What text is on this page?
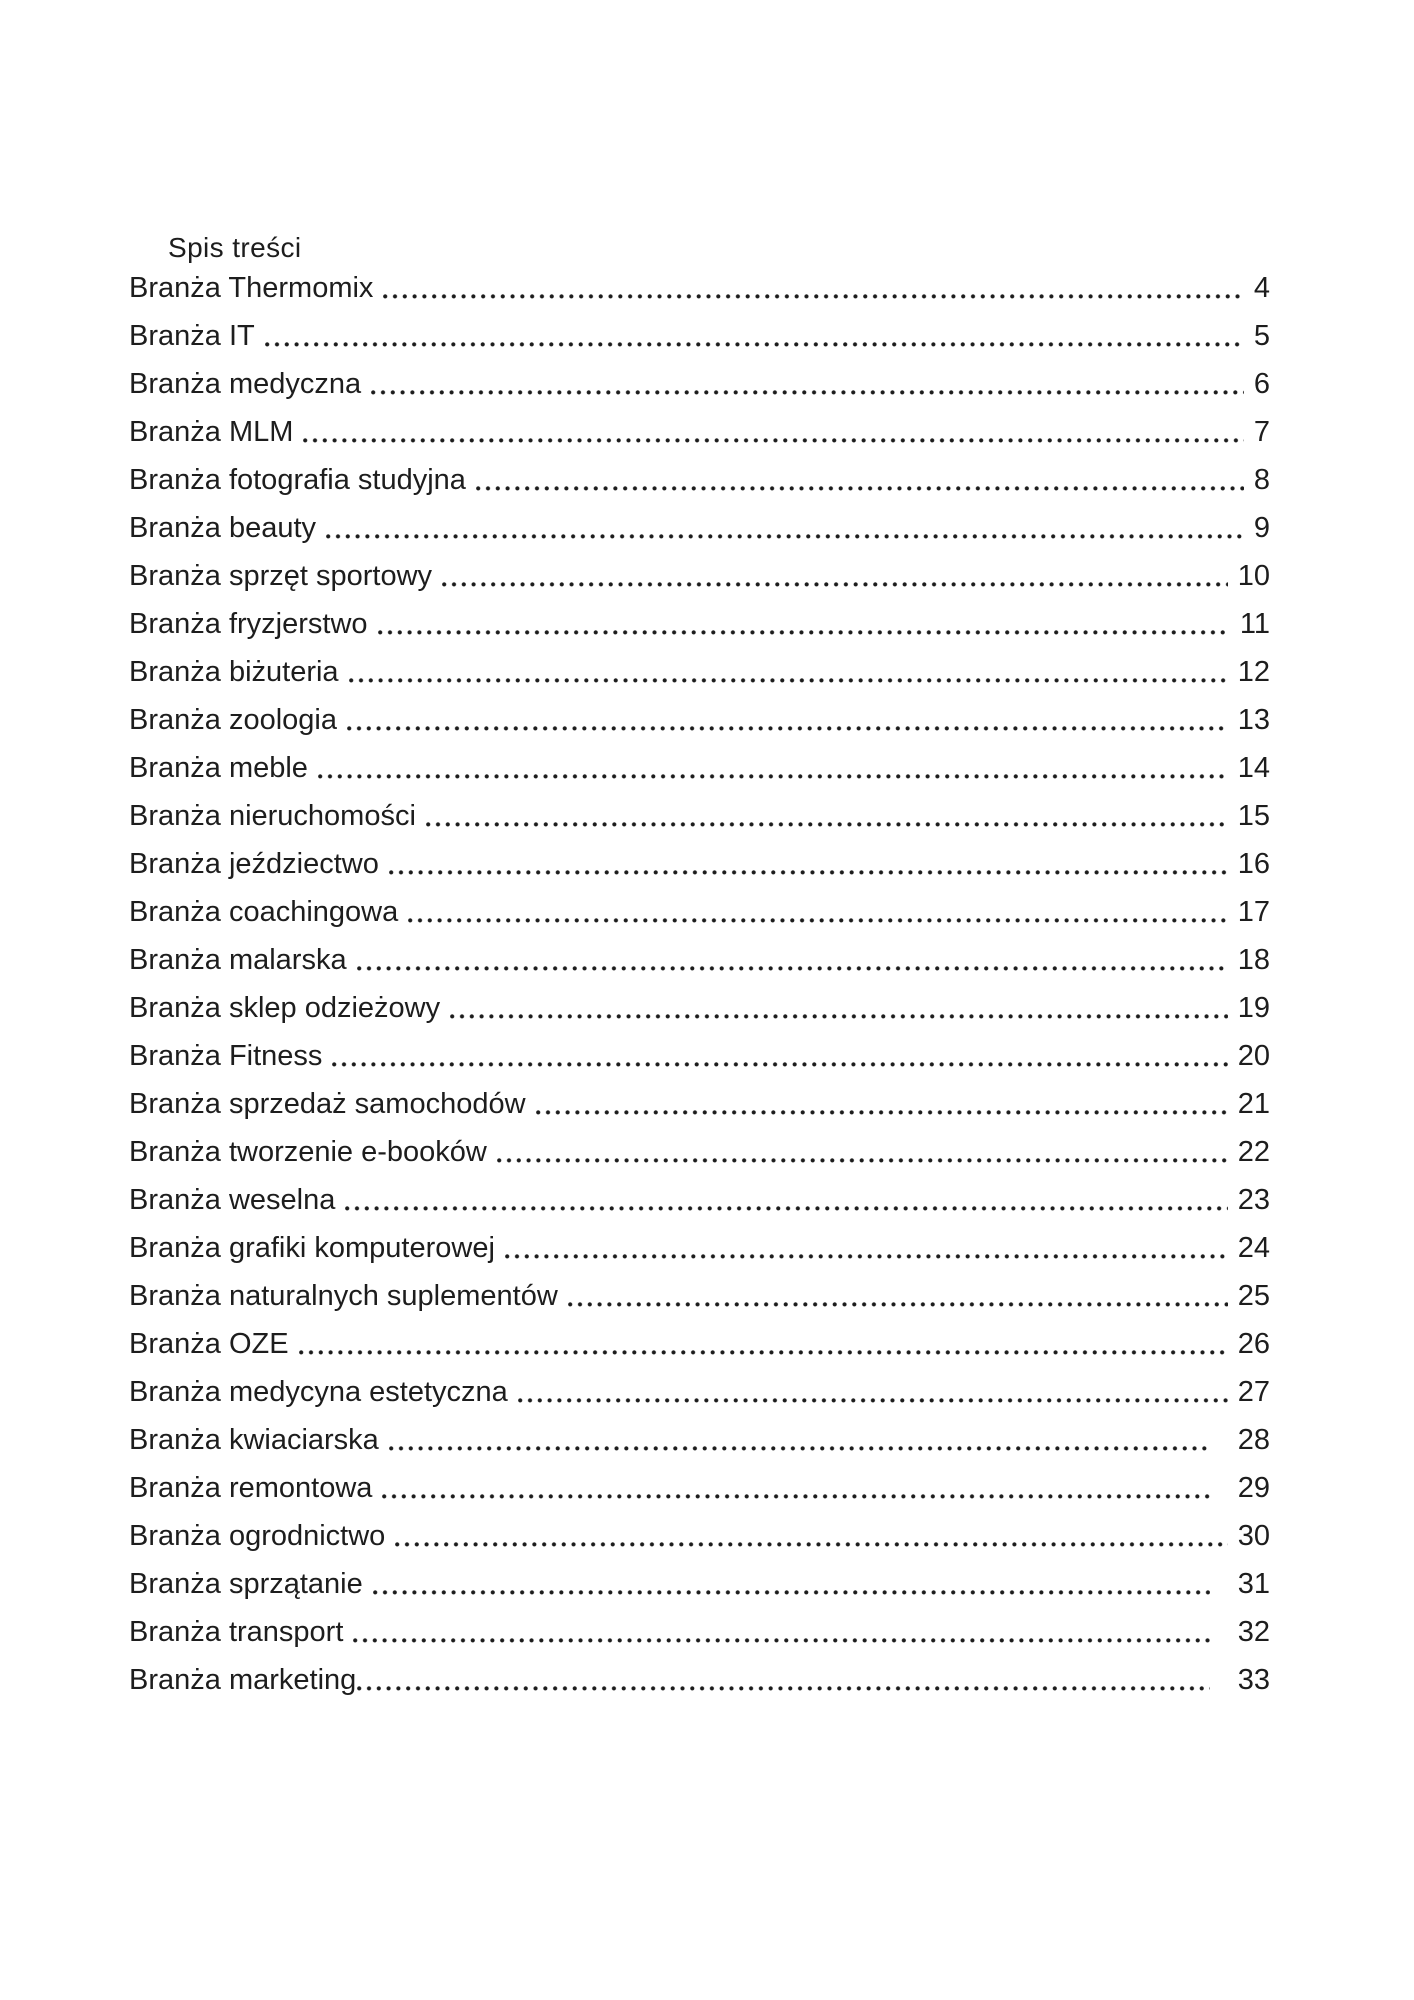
Spis treści
Branża Thermomix	4
Branża IT	5
Branża medyczna	6
Branża MLM	7
Branża fotografia studyjna	8
Branża beauty	9
Branża sprzęt sportowy	10
Branża fryzjerstwo	11
Branża biżuteria	12
Branża zoologia	13
Branża meble	14
Branża nieruchomości	15
Branża jeździectwo	16
Branża coachingowa	17
Branża malarska	18
Branża sklep odzieżowy	19
Branża Fitness	20
Branża sprzedaż samochodów	21
Branża tworzenie e-booków	22
Branża weselna	23
Branża grafiki komputerowej	24
Branża naturalnych suplementów	25
Branża OZE	26
Branża medycyna estetyczna	27
Branża kwiaciarska	28
Branża remontowa	29
Branża ogrodnictwo	30
Branża sprzątanie	31
Branża transport	32
Branża marketing	33
